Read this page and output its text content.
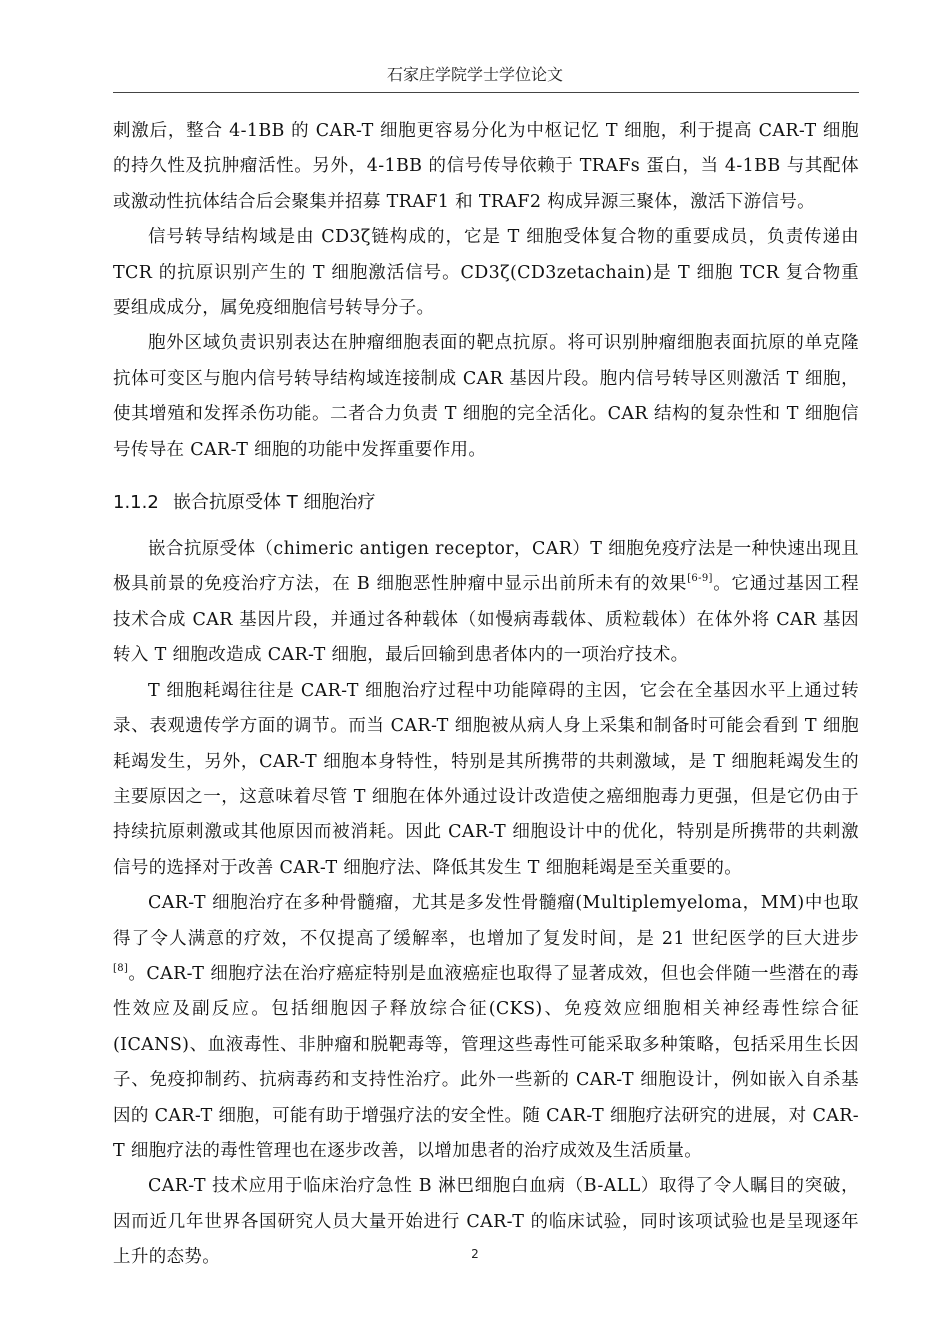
石家庄学院学士学位论文

刺激后，整合 4-1BB 的 CAR-T 细胞更容易分化为中枢记忆 T 细胞，利于提高 CAR-T 细胞的持久性及抗肿瘤活性。另外，4-1BB 的信号传导依赖于 TRAFs 蛋白，当 4-1BB 与其配体或激动性抗体结合后会聚集并招募 TRAF1 和 TRAF2 构成异源三聚体，激活下游信号。

信号转导结构域是由 CD3ζ链构成的，它是 T 细胞受体复合物的重要成员，负责传递由 TCR 的抗原识别产生的 T 细胞激活信号。CD3ζ(CD3zetachain)是 T 细胞 TCR 复合物重要组成成分，属免疫细胞信号转导分子。

胞外区域负责识别表达在肿瘤细胞表面的靶点抗原。将可识别肿瘤细胞表面抗原的单克隆抗体可变区与胞内信号转导结构域连接制成 CAR 基因片段。胞内信号转导区则激活 T 细胞，使其增殖和发挥杀伤功能。二者合力负责 T 细胞的完全活化。CAR 结构的复杂性和 T 细胞信号传导在 CAR-T 细胞的功能中发挥重要作用。

1.1.2 嵌合抗原受体 T 细胞治疗

嵌合抗原受体（chimeric antigen receptor，CAR）T 细胞免疫疗法是一种快速出现且极具前景的免疫治疗方法，在 B 细胞恶性肿瘤中显示出前所未有的效果[6-9]。它通过基因工程技术合成 CAR 基因片段，并通过各种载体（如慢病毒载体、质粒载体）在体外将 CAR 基因转入 T 细胞改造成 CAR-T 细胞，最后回输到患者体内的一项治疗技术。

T 细胞耗竭往往是 CAR-T 细胞治疗过程中功能障碍的主因，它会在全基因水平上通过转录、表观遗传学方面的调节。而当 CAR-T 细胞被从病人身上采集和制备时可能会看到 T 细胞耗竭发生，另外，CAR-T 细胞本身特性，特别是其所携带的共刺激域，是 T 细胞耗竭发生的主要原因之一，这意味着尽管 T 细胞在体外通过设计改造使之癌细胞毒力更强，但是它仍由于持续抗原刺激或其他原因而被消耗。因此 CAR-T 细胞设计中的优化，特别是所携带的共刺激信号的选择对于改善 CAR-T 细胞疗法、降低其发生 T 细胞耗竭是至关重要的。

CAR-T 细胞治疗在多种骨髓瘤，尤其是多发性骨髓瘤(Multiplemyeloma，MM)中也取得了令人满意的疗效，不仅提高了缓解率，也增加了复发时间，是 21 世纪医学的巨大进步[8]。CAR-T 细胞疗法在治疗癌症特别是血液癌症也取得了显著成效，但也会伴随一些潜在的毒性效应及副反应。包括细胞因子释放综合征(CKS)、免疫效应细胞相关神经毒性综合征(ICANS)、血液毒性、非肿瘤和脱靶毒等，管理这些毒性可能采取多种策略，包括采用生长因子、免疫抑制药、抗病毒药和支持性治疗。此外一些新的 CAR-T 细胞设计，例如嵌入自杀基因的 CAR-T 细胞，可能有助于增强疗法的安全性。随 CAR-T 细胞疗法研究的进展，对 CAR-T 细胞疗法的毒性管理也在逐步改善，以增加患者的治疗成效及生活质量。

CAR-T 技术应用于临床治疗急性 B 淋巴细胞白血病（B-ALL）取得了令人瞩目的突破，因而近几年世界各国研究人员大量开始进行 CAR-T 的临床试验，同时该项试验也是呈现逐年上升的态势。	2
